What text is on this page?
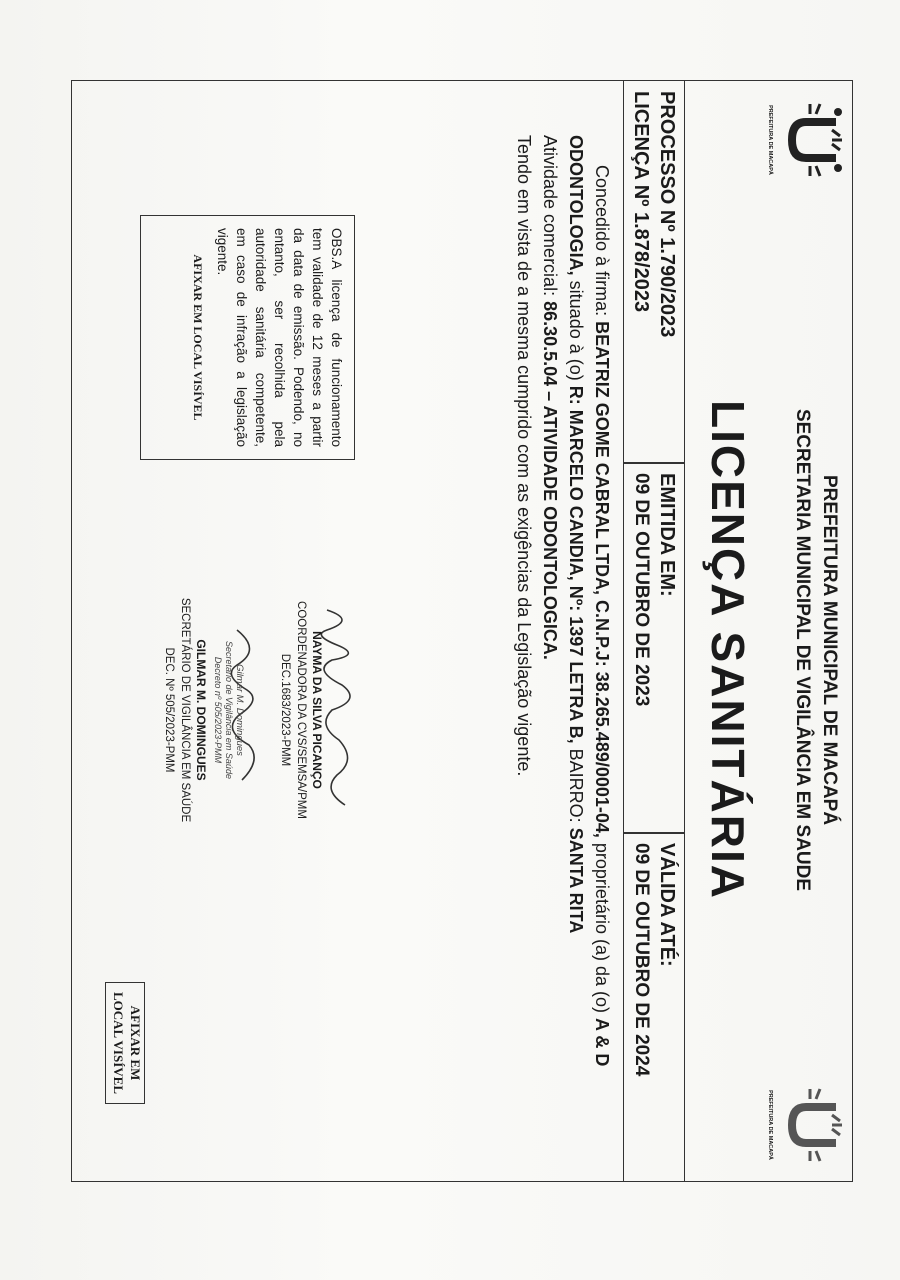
PREFEITURA DE MACAPÁ
PREFEITURA DE MACAPÁ
PREFEITURA MUNICIPAL DE MACAPÁ
SECRETARIA MUNICIPAL DE VIGILÂNCIA EM SAUDE
LICENÇA SANITÁRIA
PROCESSO Nº 1.790/2023
LICENÇA Nº 1.878/2023
EMITIDA EM:
09 DE OUTUBRO DE 2023
VÁLIDA ATÉ:
09 DE OUTUBRO DE 2024
Concedido à firma: BEATRIZ GOME CABRAL LTDA, C.N.P.J: 38.265.489/0001-04, proprietário (a) da (o) A & D ODONTOLOGIA, situado à (o) R: MARCELO CANDIA, Nº: 1397 LETRA B, BAIRRO: SANTA RITA
Atividade comercial: 86.30.5.04 – ATIVIDADE ODONTOLOGICA.
Tendo em vista de a mesma cumprido com as exigências da Legislação vigente.
OBS.A licença de funcionamento tem validade de 12 meses a partir da data de emissão. Podendo, no entanto, ser recolhida pela autoridade sanitária competente, em caso de infração a legislação vigente.
AFIXAR EM LOCAL VISÍVEL
NAYMA DA SILVA PICANÇO
COORDENADORA DA CVS/SEMSA/PMM
DEC.1683/2023-PMM
Gilmar M. Domingues
Secretário de Vigilância em Saúde
Decreto nº 505/2023-PMM
GILMAR M. DOMINGUES
SECRETÁRIO DE VIGILÂNCIA EM SAÚDE
DEC. Nº 505/2023-PMM
AFIXAR EM
LOCAL VISÍVEL
